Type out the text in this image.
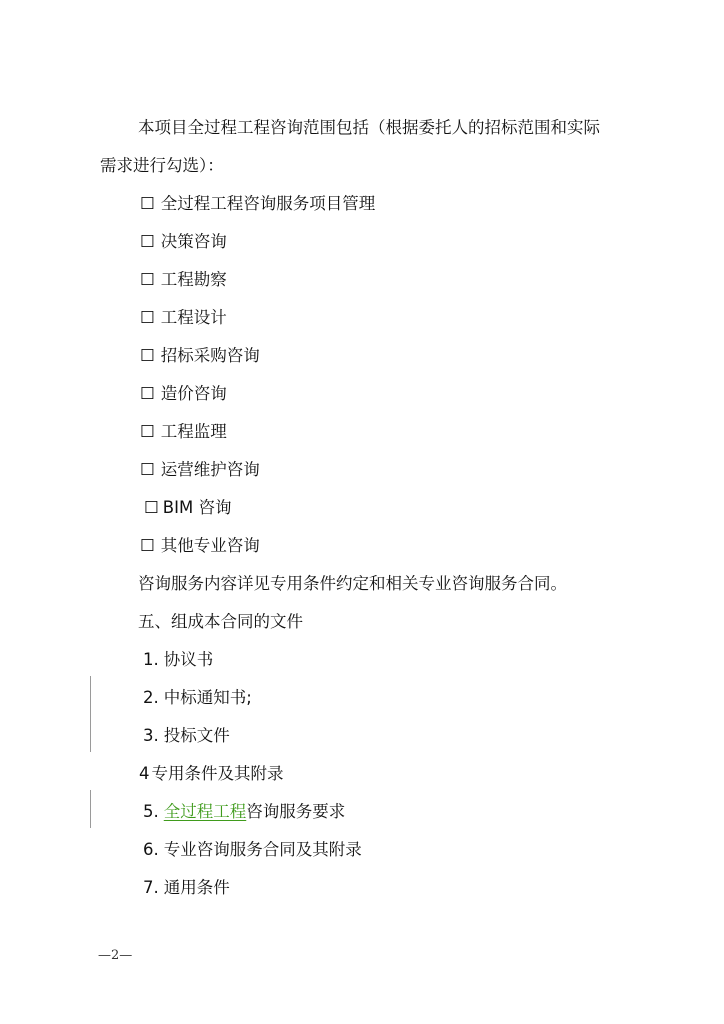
本项目全过程工程咨询范围包括（根据委托人的招标范围和实际
需求进行勾选）：
☐ 全过程工程咨询服务项目管理
☐ 决策咨询
☐ 工程勘察
☐ 工程设计
☐ 招标采购咨询
☐ 造价咨询
☐ 工程监理
☐ 运营维护咨询
☐ BIM 咨询
☐ 其他专业咨询
咨询服务内容详见专用条件约定和相关专业咨询服务合同。
五、组成本合同的文件
1. 协议书
2. 中标通知书;
3. 投标文件
4 专用条件及其附录
5. 全过程工程咨询服务要求
6. 专业咨询服务合同及其附录
7. 通用条件
—2—
